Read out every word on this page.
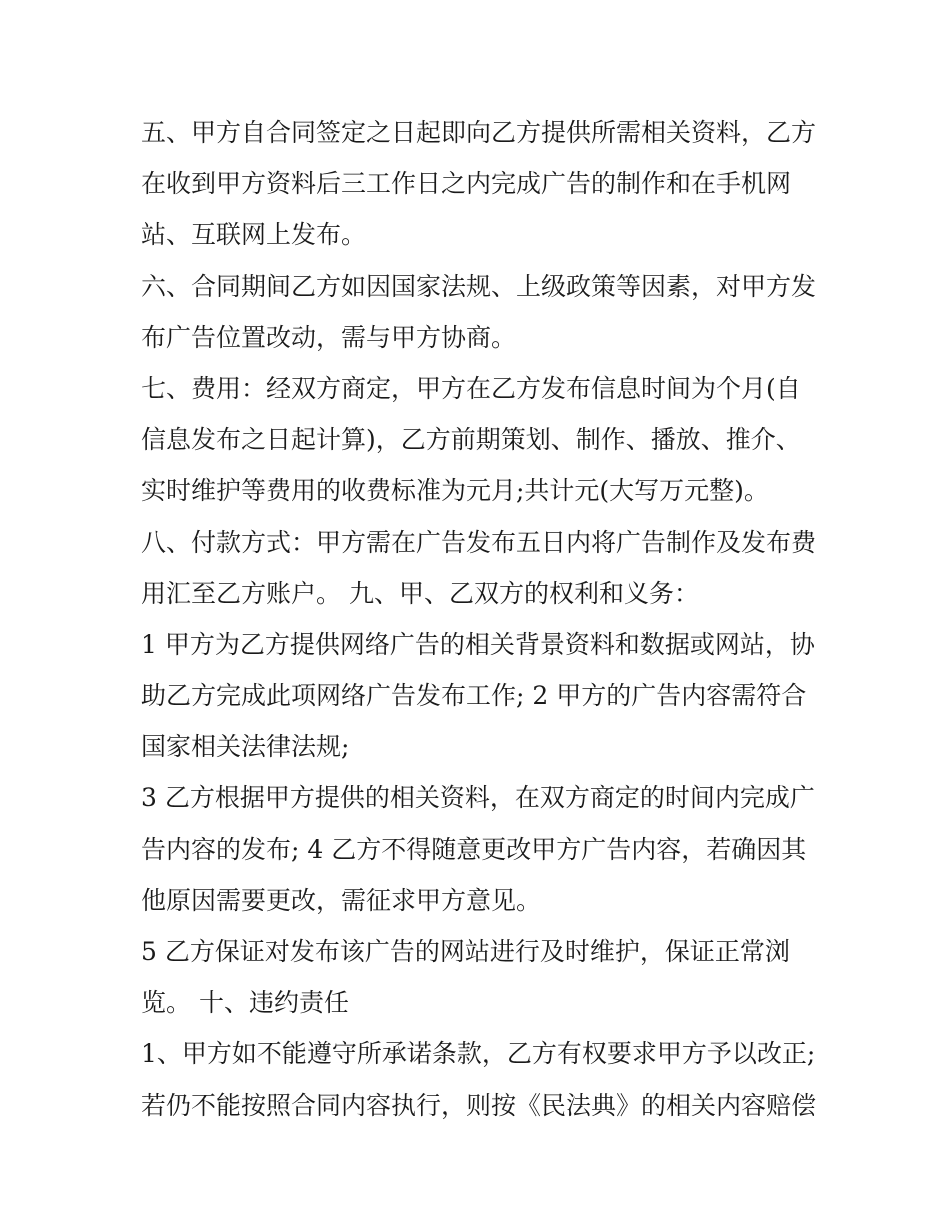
五、甲方自合同签定之日起即向乙方提供所需相关资料，乙方
在收到甲方资料后三工作日之内完成广告的制作和在手机网
站、互联网上发布。

六、合同期间乙方如因国家法规、上级政策等因素，对甲方发
布广告位置改动，需与甲方协商。

七、费用：经双方商定，甲方在乙方发布信息时间为个月(自
信息发布之日起计算)，乙方前期策划、制作、播放、推介、
实时维护等费用的收费标准为元月;共计元(大写万元整)。

八、付款方式：甲方需在广告发布五日内将广告制作及发布费
用汇至乙方账户。 九、甲、乙双方的权利和义务：

1 甲方为乙方提供网络广告的相关背景资料和数据或网站，协
助乙方完成此项网络广告发布工作; 2 甲方的广告内容需符合
国家相关法律法规;

3 乙方根据甲方提供的相关资料，在双方商定的时间内完成广
告内容的发布; 4 乙方不得随意更改甲方广告内容，若确因其
他原因需要更改，需征求甲方意见。

5 乙方保证对发布该广告的网站进行及时维护，保证正常浏
览。 十、违约责任

1、甲方如不能遵守所承诺条款，乙方有权要求甲方予以改正;
若仍不能按照合同内容执行，则按《民法典》的相关内容赔偿
